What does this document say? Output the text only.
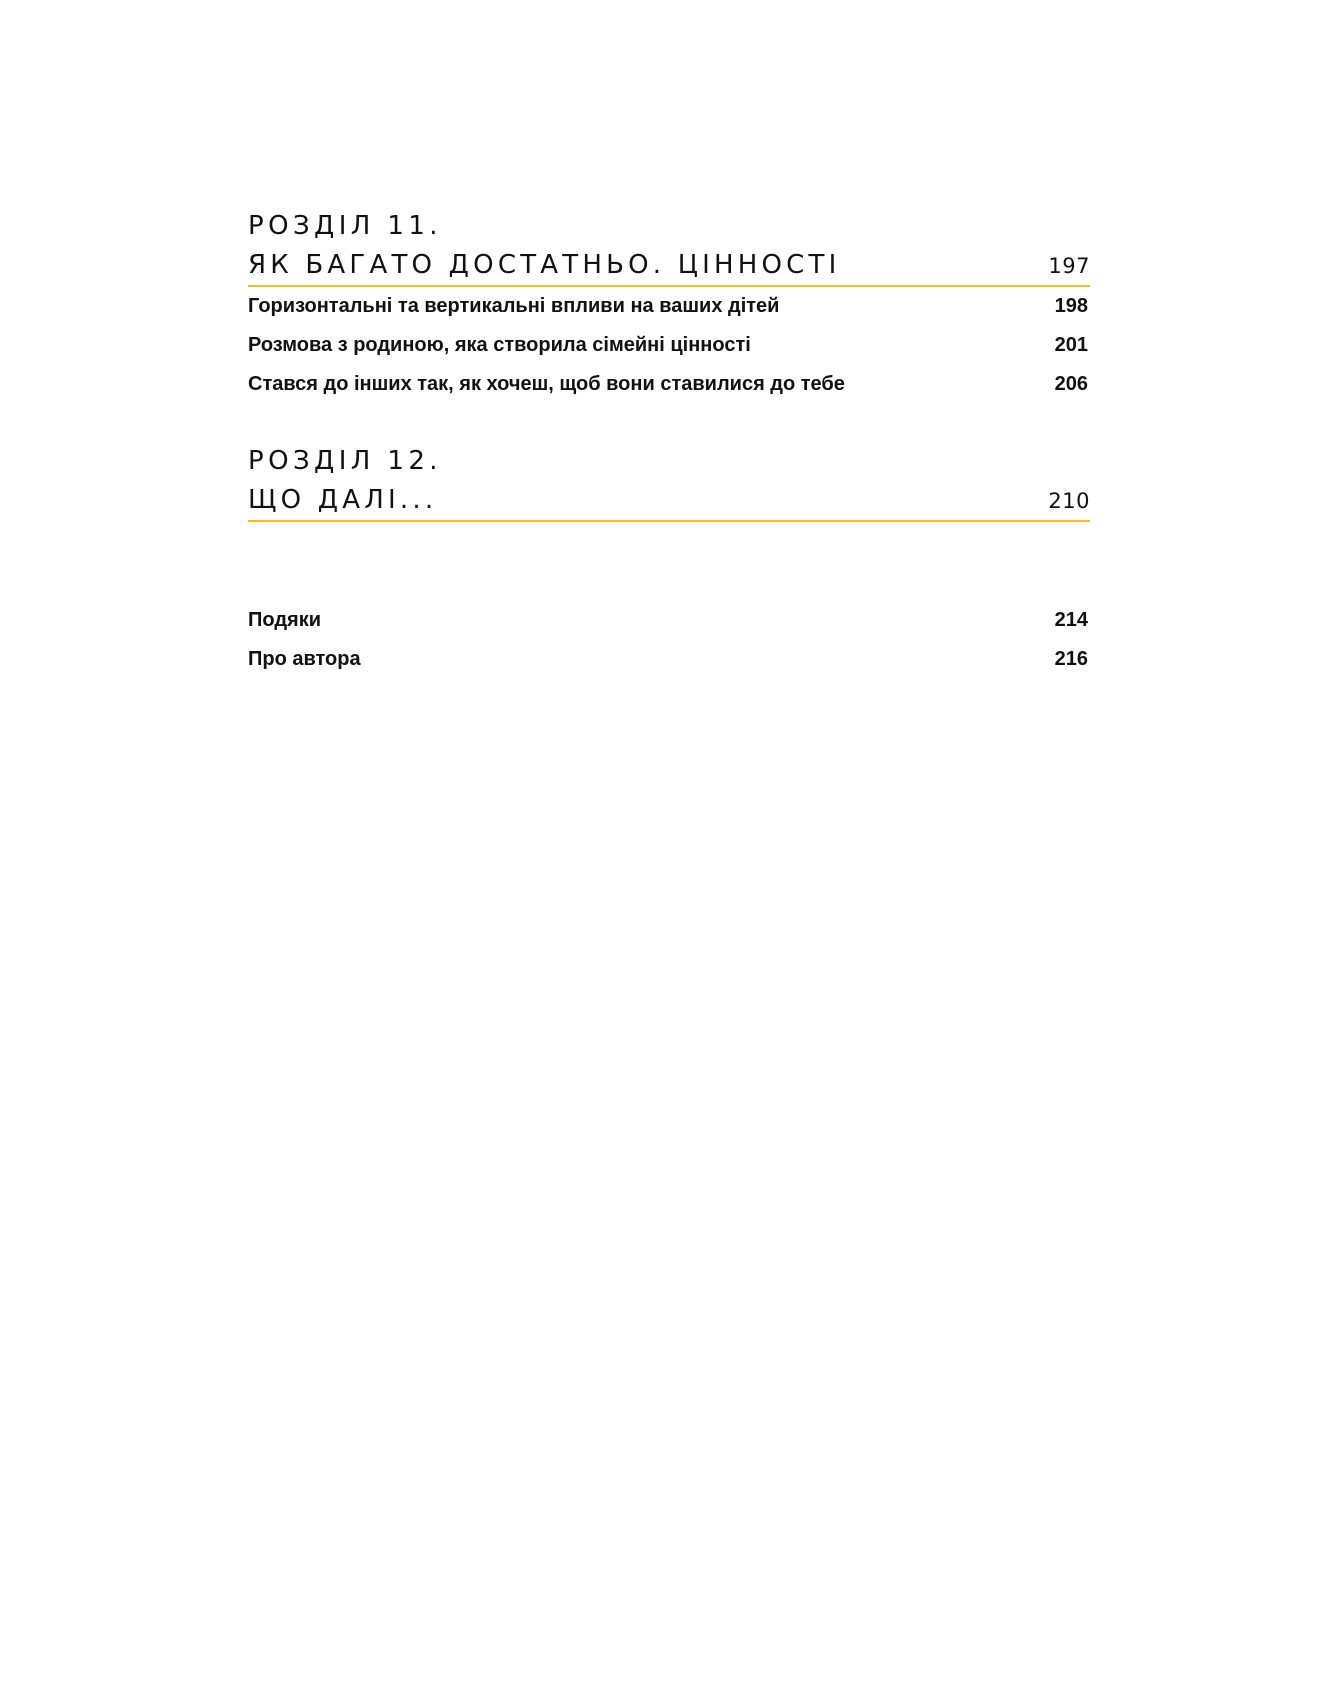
РОЗДІЛ 11.
ЯК БАГАТО ДОСТАТНЬО. ЦІННОСТІ	197
Горизонтальні та вертикальні впливи на ваших дітей	198
Розмова з родиною, яка створила сімейні цінності	201
Стався до інших так, як хочеш, щоб вони ставилися до тебе	206
РОЗДІЛ 12.
ЩО ДАЛІ...	210
Подяки	214
Про автора	216
